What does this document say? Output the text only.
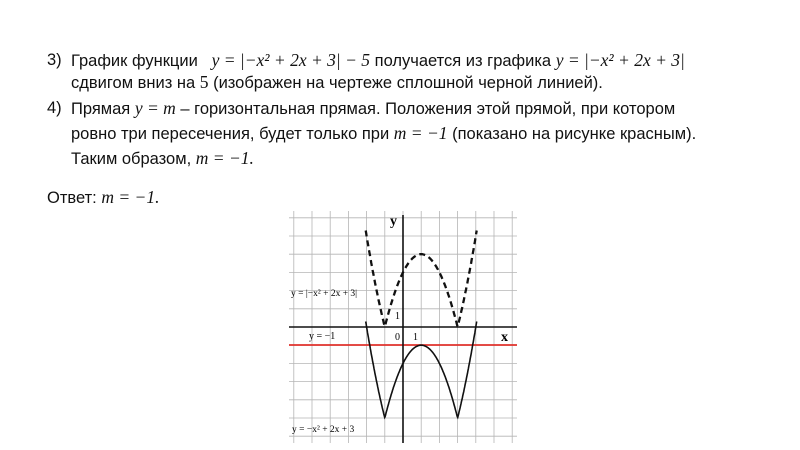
3) График функции y = |−x² + 2x + 3| − 5 получается из графика y = |−x² + 2x + 3|
сдвигом вниз на 5 (изображен на чертеже сплошной черной линией).
4) Прямая y = m – горизонтальная прямая. Положения этой прямой, при котором
ровно три пересечения, будет только при m = −1 (показано на рисунке красным).
Таким образом, m = −1.
Ответ: m = −1.
x
y
0 1
1
y = |−x² + 2x + 3|
y = −1
y = −x² + 2x + 3
